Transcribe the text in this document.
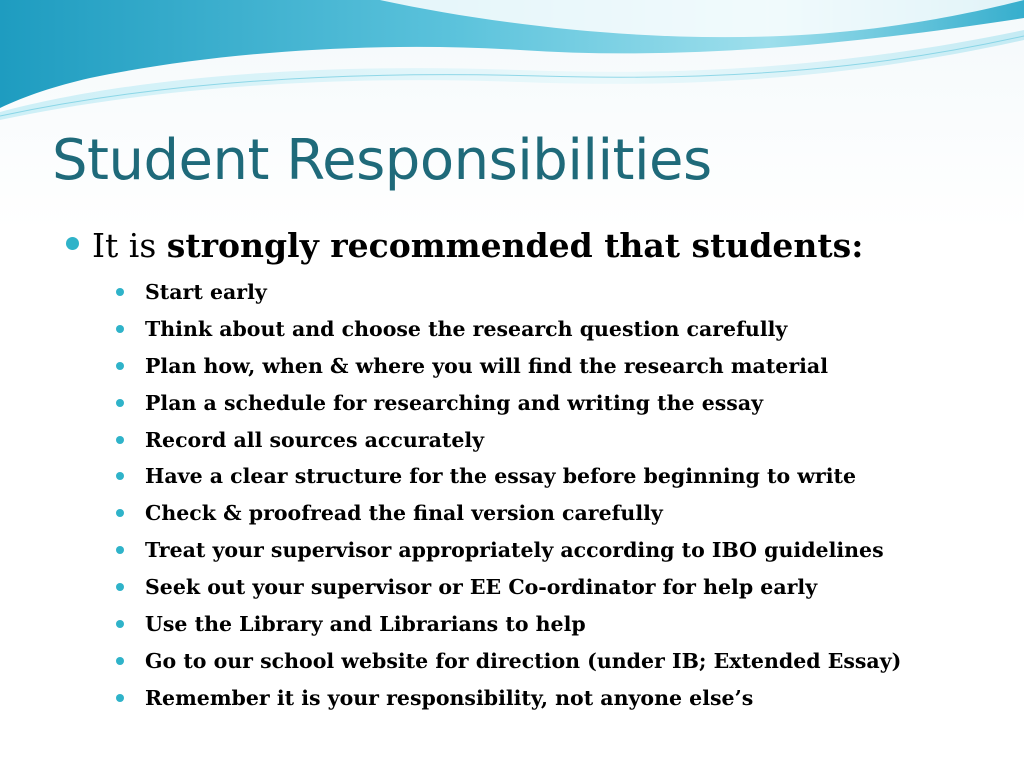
Student Responsibilities
It is strongly recommended that students:
Start early
Think about and choose the research question carefully
Plan how, when & where you will find the research material
Plan a schedule for researching and writing the essay
Record all sources accurately
Have a clear structure for the essay before beginning to write
Check & proofread the final version carefully
Treat your supervisor appropriately according to IBO guidelines
Seek out your supervisor or EE Co-ordinator for help early
Use the Library and Librarians to help
Go to our school website for direction (under IB; Extended Essay)
Remember it is your responsibility, not anyone else’s
